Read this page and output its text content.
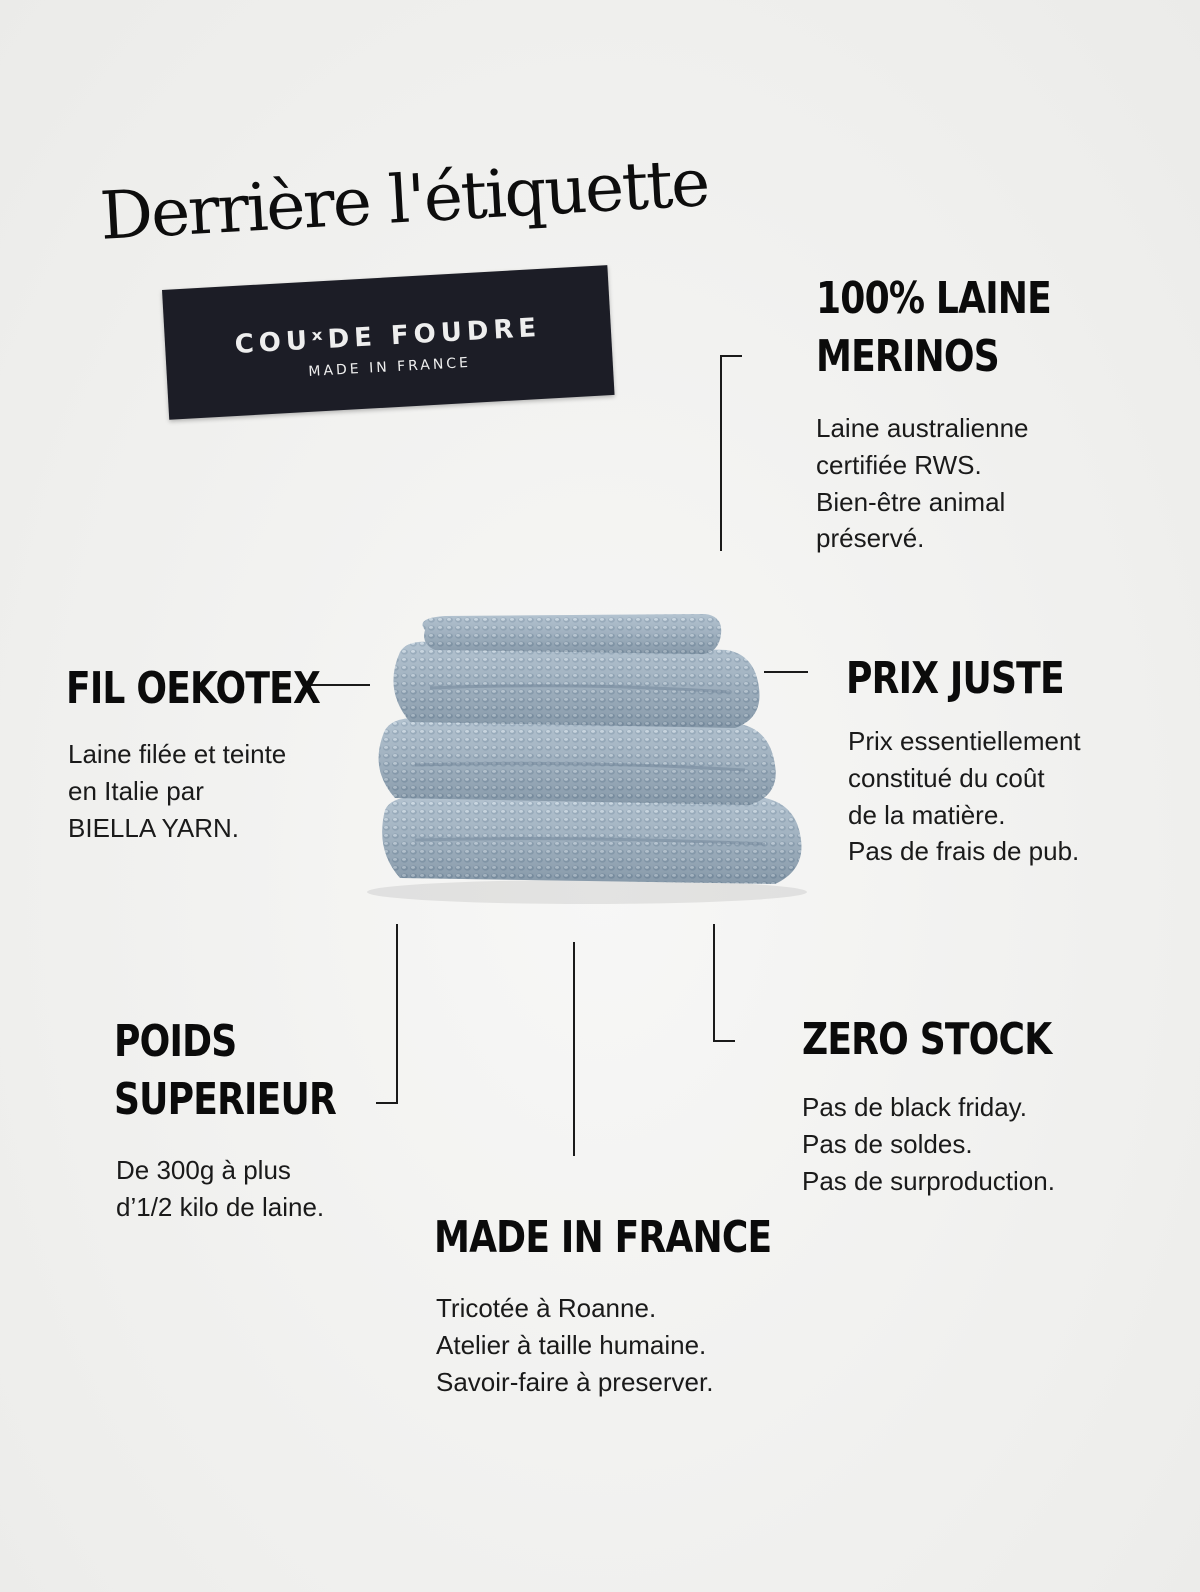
Derrière l'étiquette
COUˣDE FOUDRE
MADE IN FRANCE
100% LAINE
MERINOS
Laine australienne
certifiée RWS.
Bien-être animal
préservé.
FIL OEKOTEX
Laine filée et teinte
en Italie par
BIELLA YARN.
PRIX JUSTE
Prix essentiellement
constitué du coût
de la matière.
Pas de frais de pub.
POIDS
SUPERIEUR
De 300g à plus
d’1/2 kilo de laine.
ZERO STOCK
Pas de black friday.
Pas de soldes.
Pas de surproduction.
MADE IN FRANCE
Tricotée à Roanne.
Atelier à taille humaine.
Savoir-faire à preserver.
